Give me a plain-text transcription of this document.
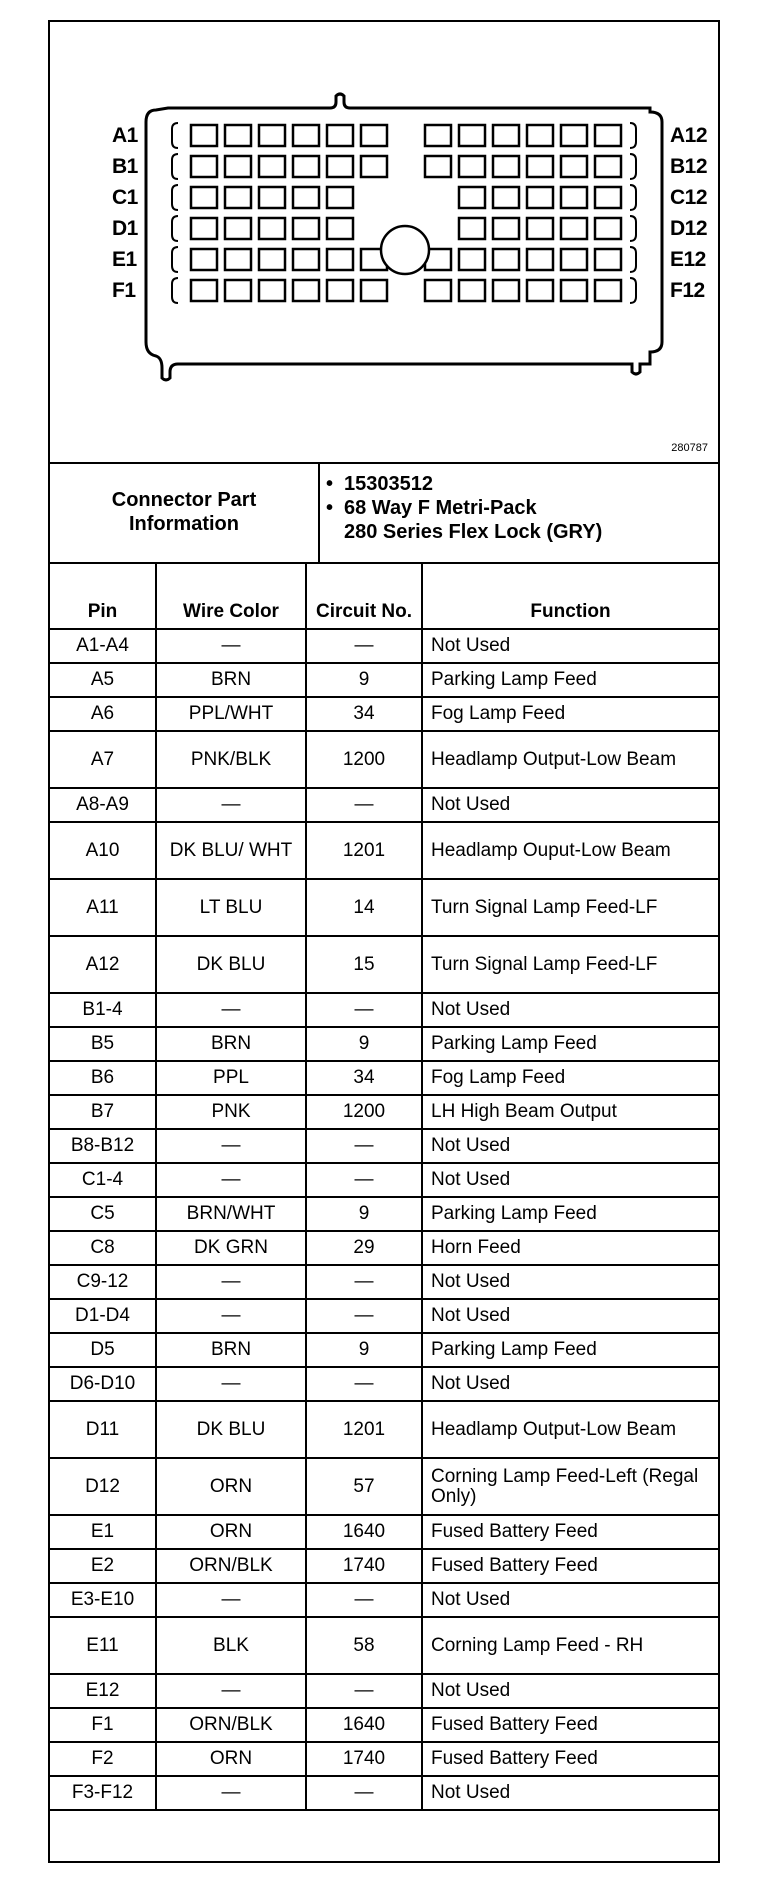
A1
B1
C1
D1
E1
F1
A12
B12
C12
D12
E12
F12
280787
Connector Part Information
• 15303512
• 68 Way F Metri-Pack
280 Series Flex Lock (GRY)
Pin	Wire Color	Circuit No.	Function
A1-A4	—	—	Not Used
A5	BRN	9	Parking Lamp Feed
A6	PPL/WHT	34	Fog Lamp Feed
A7	PNK/BLK	1200	Headlamp Output-Low Beam
A8-A9	—	—	Not Used
A10	DK BLU/ WHT	1201	Headlamp Ouput-Low Beam
A11	LT BLU	14	Turn Signal Lamp Feed-LF
A12	DK BLU	15	Turn Signal Lamp Feed-LF
B1-4	—	—	Not Used
B5	BRN	9	Parking Lamp Feed
B6	PPL	34	Fog Lamp Feed
B7	PNK	1200	LH High Beam Output
B8-B12	—	—	Not Used
C1-4	—	—	Not Used
C5	BRN/WHT	9	Parking Lamp Feed
C8	DK GRN	29	Horn Feed
C9-12	—	—	Not Used
D1-D4	—	—	Not Used
D5	BRN	9	Parking Lamp Feed
D6-D10	—	—	Not Used
D11	DK BLU	1201	Headlamp Output-Low Beam
D12	ORN	57	Corning Lamp Feed-Left (Regal Only)
E1	ORN	1640	Fused Battery Feed
E2	ORN/BLK	1740	Fused Battery Feed
E3-E10	—	—	Not Used
E11	BLK	58	Corning Lamp Feed - RH
E12	—	—	Not Used
F1	ORN/BLK	1640	Fused Battery Feed
F2	ORN	1740	Fused Battery Feed
F3-F12	—	—	Not Used
